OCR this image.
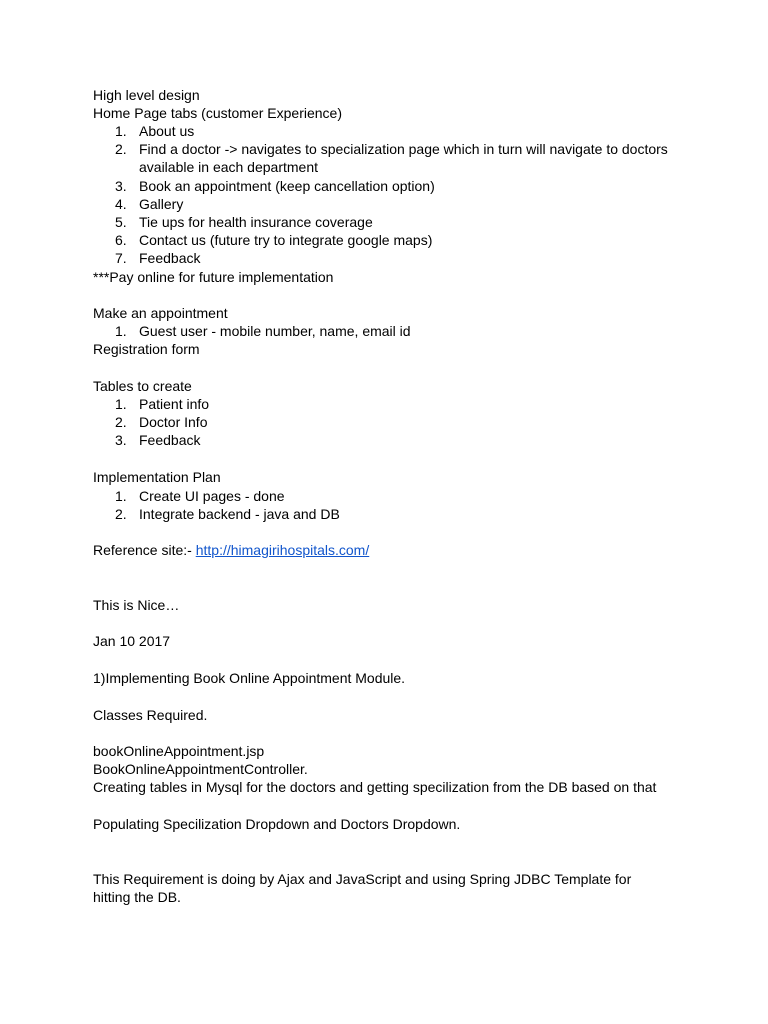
High level design
Home Page tabs (customer Experience)
1. About us
2. Find a doctor -> navigates to specialization page which in turn will navigate to doctors
available in each department
3. Book an appointment (keep cancellation option)
4. Gallery
5. Tie ups for health insurance coverage
6. Contact us (future try to integrate google maps)
7. Feedback
***Pay online for future implementation
Make an appointment
1. Guest user - mobile number, name, email id
Registration form
Tables to create
1. Patient info
2. Doctor Info
3. Feedback
Implementation Plan
1. Create UI pages - done
2. Integrate backend - java and DB
Reference site:- http://himagirihospitals.com/
This is Nice…
Jan 10 2017
1)Implementing Book Online Appointment Module.
Classes Required.
bookOnlineAppointment.jsp
BookOnlineAppointmentController.
Creating tables in Mysql for the doctors and getting specilization from the DB based on that
Populating Specilization Dropdown and Doctors Dropdown.
This Requirement is doing by Ajax and JavaScript and using Spring JDBC Template for
hitting the DB.
